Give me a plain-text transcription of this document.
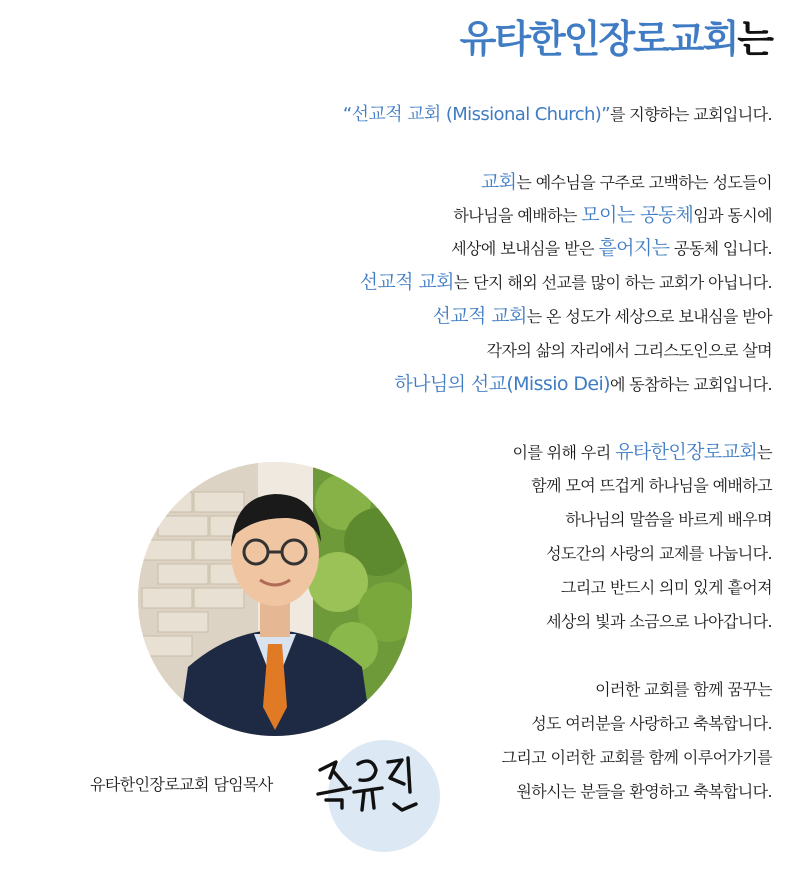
유타한인장로교회는
“선교적 교회 (Missional Church)”를 지향하는 교회입니다.
교회는 예수님을 구주로 고백하는 성도들이
하나님을 예배하는 모이는 공동체임과 동시에
세상에 보내심을 받은 흩어지는 공동체 입니다.
선교적 교회는 단지 해외 선교를 많이 하는 교회가 아닙니다.
선교적 교회는 온 성도가 세상으로 보내심을 받아
각자의 삶의 자리에서 그리스도인으로 살며
하나님의 선교(Missio Dei)에 동참하는 교회입니다.
이를 위해 우리 유타한인장로교회는
함께 모여 뜨겁게 하나님을 예배하고
하나님의 말씀을 바르게 배우며
성도간의 사랑의 교제를 나눕니다.
그리고 반드시 의미 있게 흩어져
세상의 빛과 소금으로 나아갑니다.
이러한 교회를 함께 꿈꾸는
성도 여러분을 사랑하고 축복합니다.
그리고 이러한 교회를 함께 이루어가기를
원하시는 분들을 환영하고 축복합니다.
유타한인장로교회 담임목사
